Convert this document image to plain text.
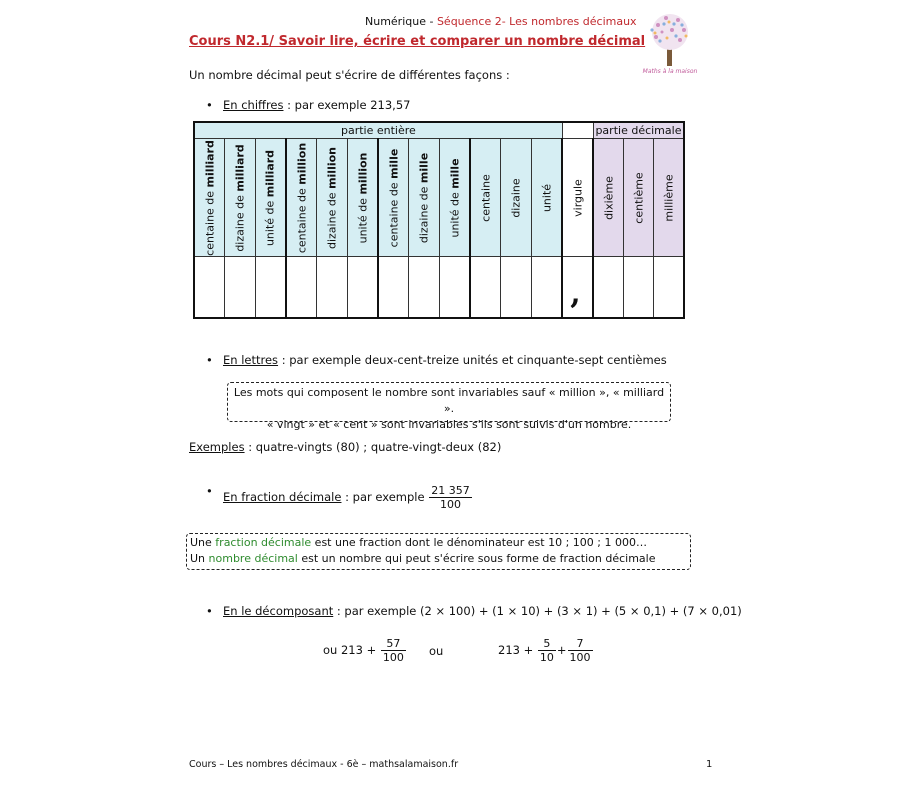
Numérique - Séquence 2- Les nombres décimaux
Cours N2.1/ Savoir lire, écrire et comparer un nombre décimal
Maths à la maison
Un nombre décimal peut s'écrire de différentes façons :
• En chiffres : par exemple 213,57
partie entière													partie décimale		

centaine de milliard	dizaine de milliard	unité de milliard	centaine de million	dizaine de million	unité de million	centaine de mille	dizaine de mille	unité de mille	centaine	dizaine	unité	virgule	dixième	centième	millième

												,			

• En lettres : par exemple deux-cent-treize unités et cinquante-sept centièmes
Les mots qui composent le nombre sont invariables sauf « million », « milliard ».
« vingt » et « cent » sont invariables s'ils sont suivis d'un nombre.
Exemples : quatre-vingts (80) ; quatre-vingt-deux (82)
• En fraction décimale : par exemple $\frac{21 357}{100}$
Une fraction décimale est une fraction dont le dénominateur est 10 ; 100 ; 1 000…
Un nombre décimal est un nombre qui peut s'écrire sous forme de fraction décimale
• En le décomposant : par exemple (2 × 100) + (1 × 10) + (3 × 1) + (5 × 0,1) + (7 × 0,01)
ou $213 + \frac{57}{100}$ ou	$213 + \frac{5}{10} + \frac{7}{100}$
Cours – Les nombres décimaux - 6è – mathsalamaison.fr	1
